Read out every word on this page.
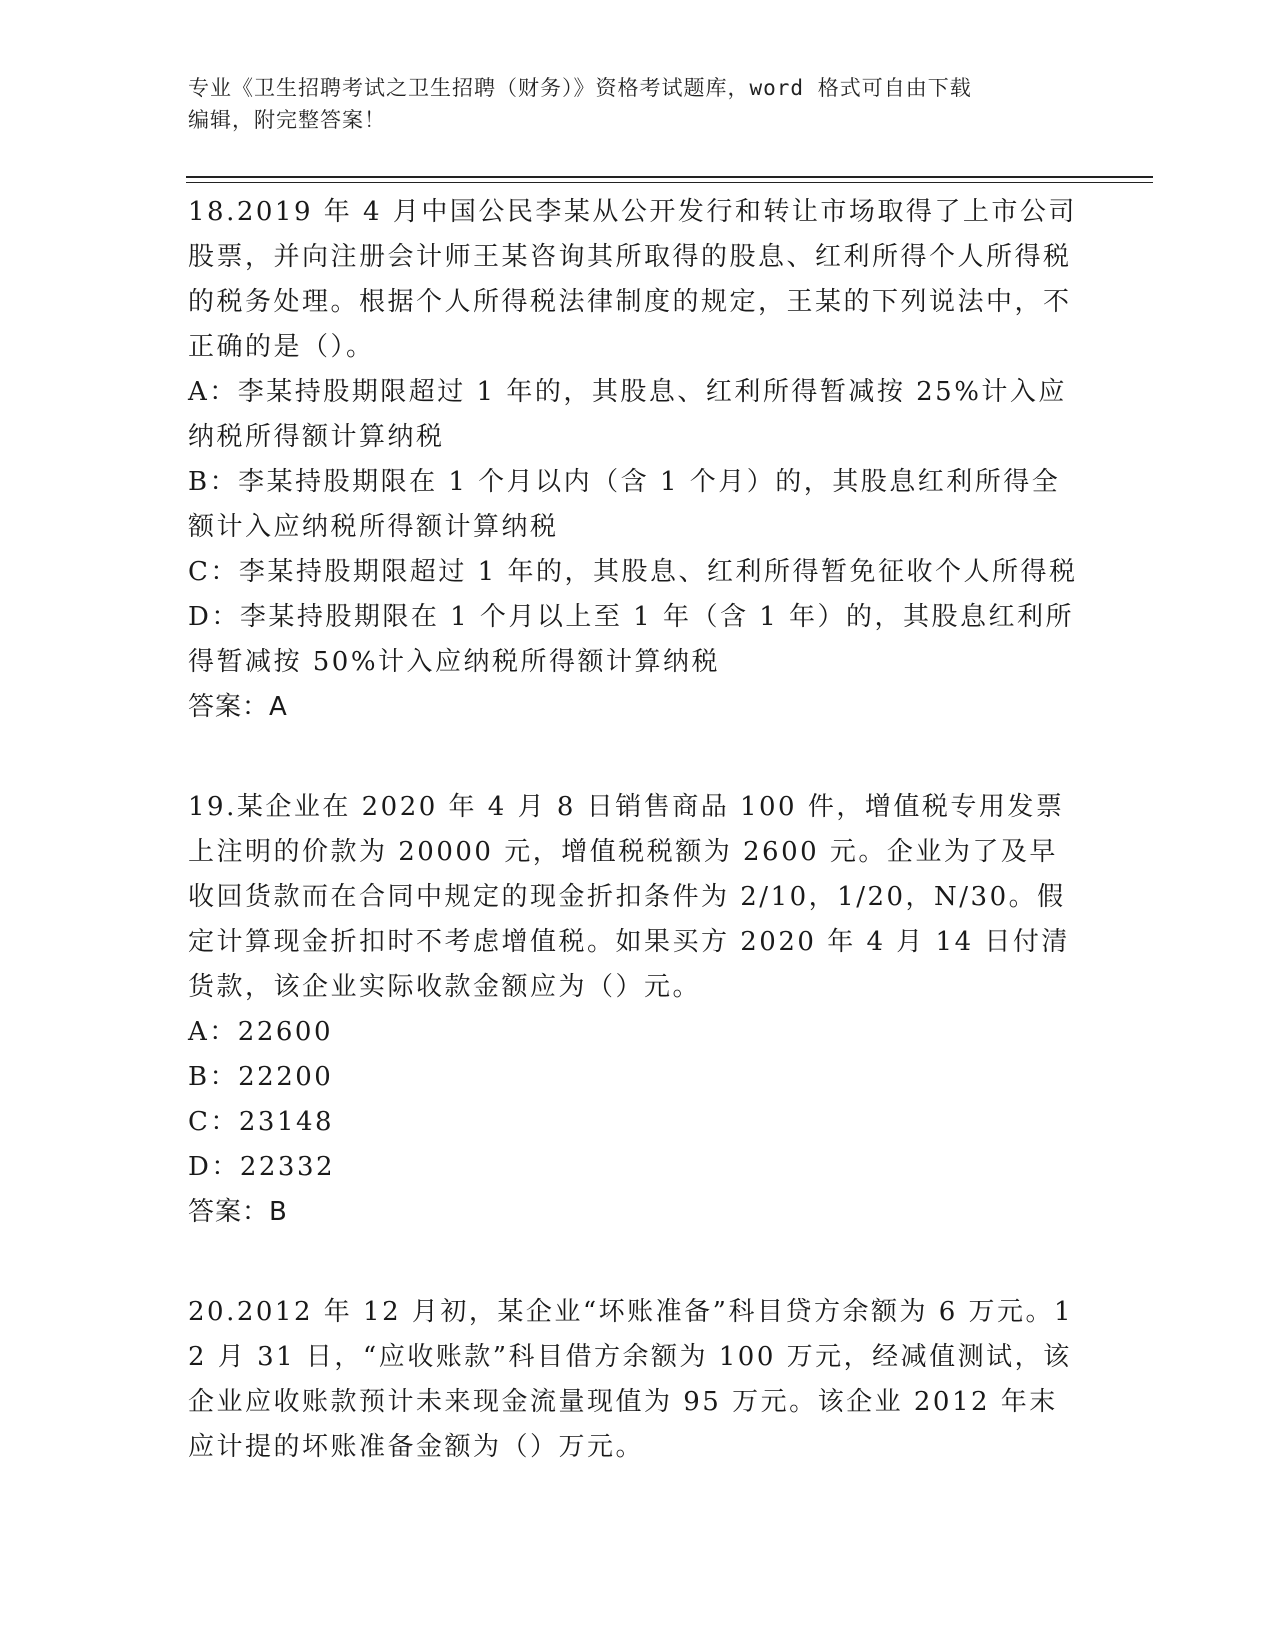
专业《卫生招聘考试之卫生招聘（财务）》资格考试题库，word 格式可自由下载
编辑，附完整答案！

18.2019 年 4 月中国公民李某从公开发行和转让市场取得了上市公司股票，并向注册会计师王某咨询其所取得的股息、红利所得个人所得税的税务处理。根据个人所得税法律制度的规定，王某的下列说法中，不正确的是（）。

A：李某持股期限超过 1 年的，其股息、红利所得暂减按 25%计入应纳税所得额计算纳税

B：李某持股期限在 1 个月以内（含 1 个月）的，其股息红利所得全额计入应纳税所得额计算纳税

C：李某持股期限超过 1 年的，其股息、红利所得暂免征收个人所得税

D：李某持股期限在 1 个月以上至 1 年（含 1 年）的，其股息红利所得暂减按 50%计入应纳税所得额计算纳税

答案：A

19.某企业在 2020 年 4 月 8 日销售商品 100 件，增值税专用发票上注明的价款为 20000 元，增值税税额为 2600 元。企业为了及早收回货款而在合同中规定的现金折扣条件为 2/10，1/20，N/30。假定计算现金折扣时不考虑增值税。如果买方 2020 年 4 月 14 日付清货款，该企业实际收款金额应为（）元。

A：22600

B：22200

C：23148

D：22332

答案：B

20.2012 年 12 月初，某企业“坏账准备”科目贷方余额为 6 万元。12 月 31 日，“应收账款”科目借方余额为 100 万元，经减值测试，该企业应收账款预计未来现金流量现值为 95 万元。该企业 2012 年末应计提的坏账准备金额为（）万元。
